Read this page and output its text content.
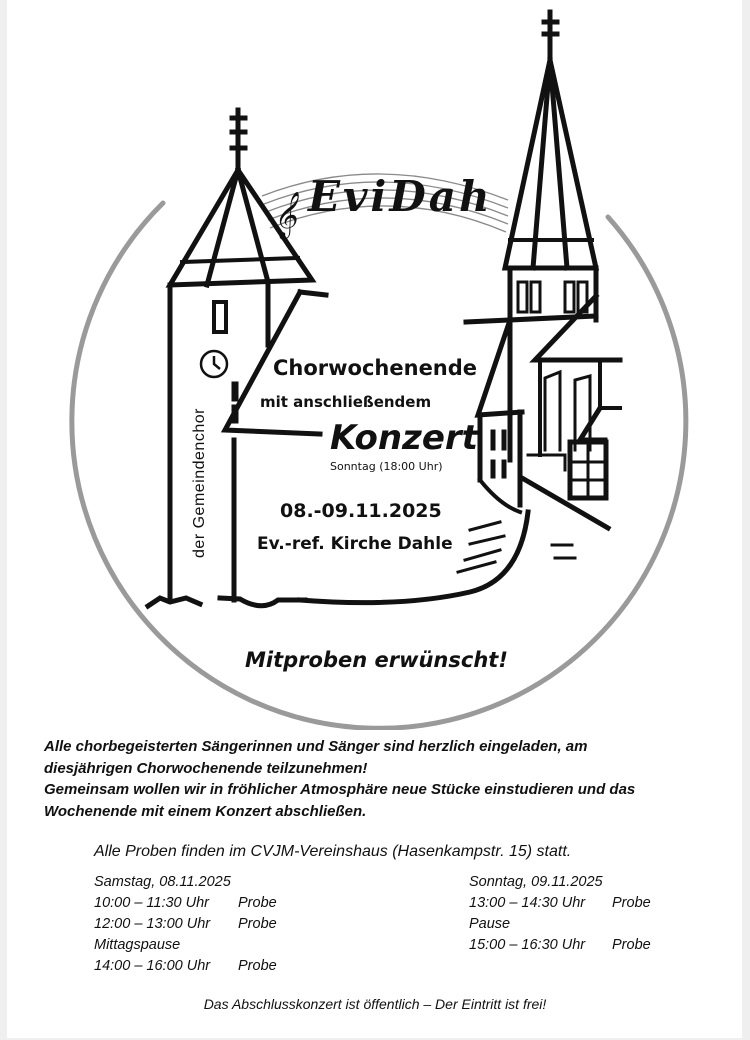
𝄞 EviDah
der Gemeindenchor
Chorwochenende
mit anschließendem
Konzert
Sonntag (18:00 Uhr)
08.-09.11.2025
Ev.-ref. Kirche Dahle
Mitproben erwünscht!
Alle chorbegeisterten Sängerinnen und Sänger sind herzlich eingeladen, am
diesjährigen Chorwochenende teilzunehmen!
Gemeinsam wollen wir in fröhlicher Atmosphäre neue Stücke einstudieren und das
Wochenende mit einem Konzert abschließen.
Alle Proben finden im CVJM-Vereinshaus (Hasenkampstr. 15) statt.
Samstag, 08.11.2025
10:00 – 11:30 Uhr Probe
12:00 – 13:00 Uhr Probe
Mittagspause
14:00 – 16:00 Uhr Probe
Sonntag, 09.11.2025
13:00 – 14:30 Uhr Probe
Pause
15:00 – 16:30 Uhr Probe
Das Abschlusskonzert ist öffentlich – Der Eintritt ist frei!
